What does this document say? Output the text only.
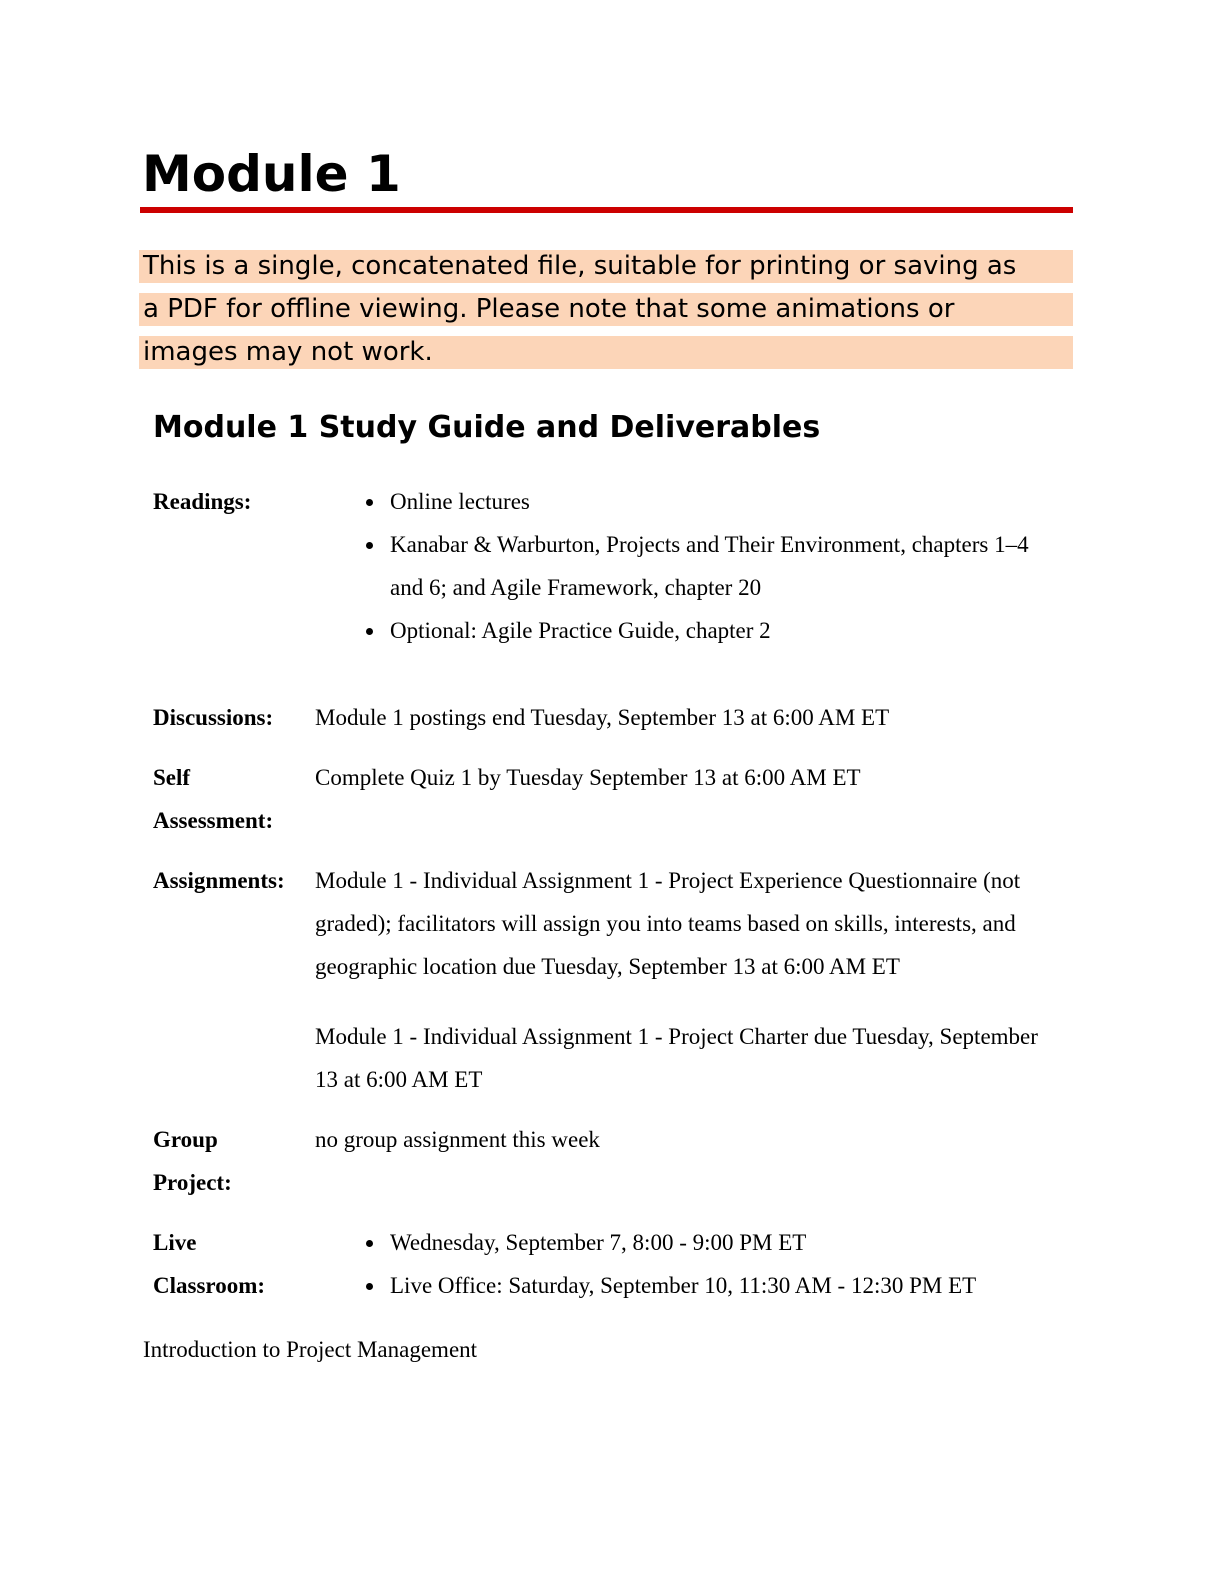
Module 1
This is a single, concatenated file, suitable for printing or saving as
a PDF for offline viewing. Please note that some animations or
images may not work.
Module 1 Study Guide and Deliverables
Readings:
•	Online lectures
• Kanabar & Warburton, Projects and Their Environment, chapters 1–4 and 6; and Agile Framework, chapter 20
• Optional: Agile Practice Guide, chapter 2
Discussions:	Module 1 postings end Tuesday, September 13 at 6:00 AM ET
Self Assessment:
Complete Quiz 1 by Tuesday September 13 at 6:00 AM ET
Assignments:	Module 1 - Individual Assignment 1 - Project Experience Questionnaire (not graded); facilitators will assign you into teams based on skills, interests, and geographic location due Tuesday, September 13 at 6:00 AM ET

Module 1 - Individual Assignment 1 - Project Charter due Tuesday, September 13 at 6:00 AM ET

Group Project:
no group assignment this week
Live Classroom:
• Wednesday, September 7, 8:00 - 9:00 PM ET
• Live Office: Saturday, September 10, 11:30 AM - 12:30 PM ET
Introduction to Project Management
